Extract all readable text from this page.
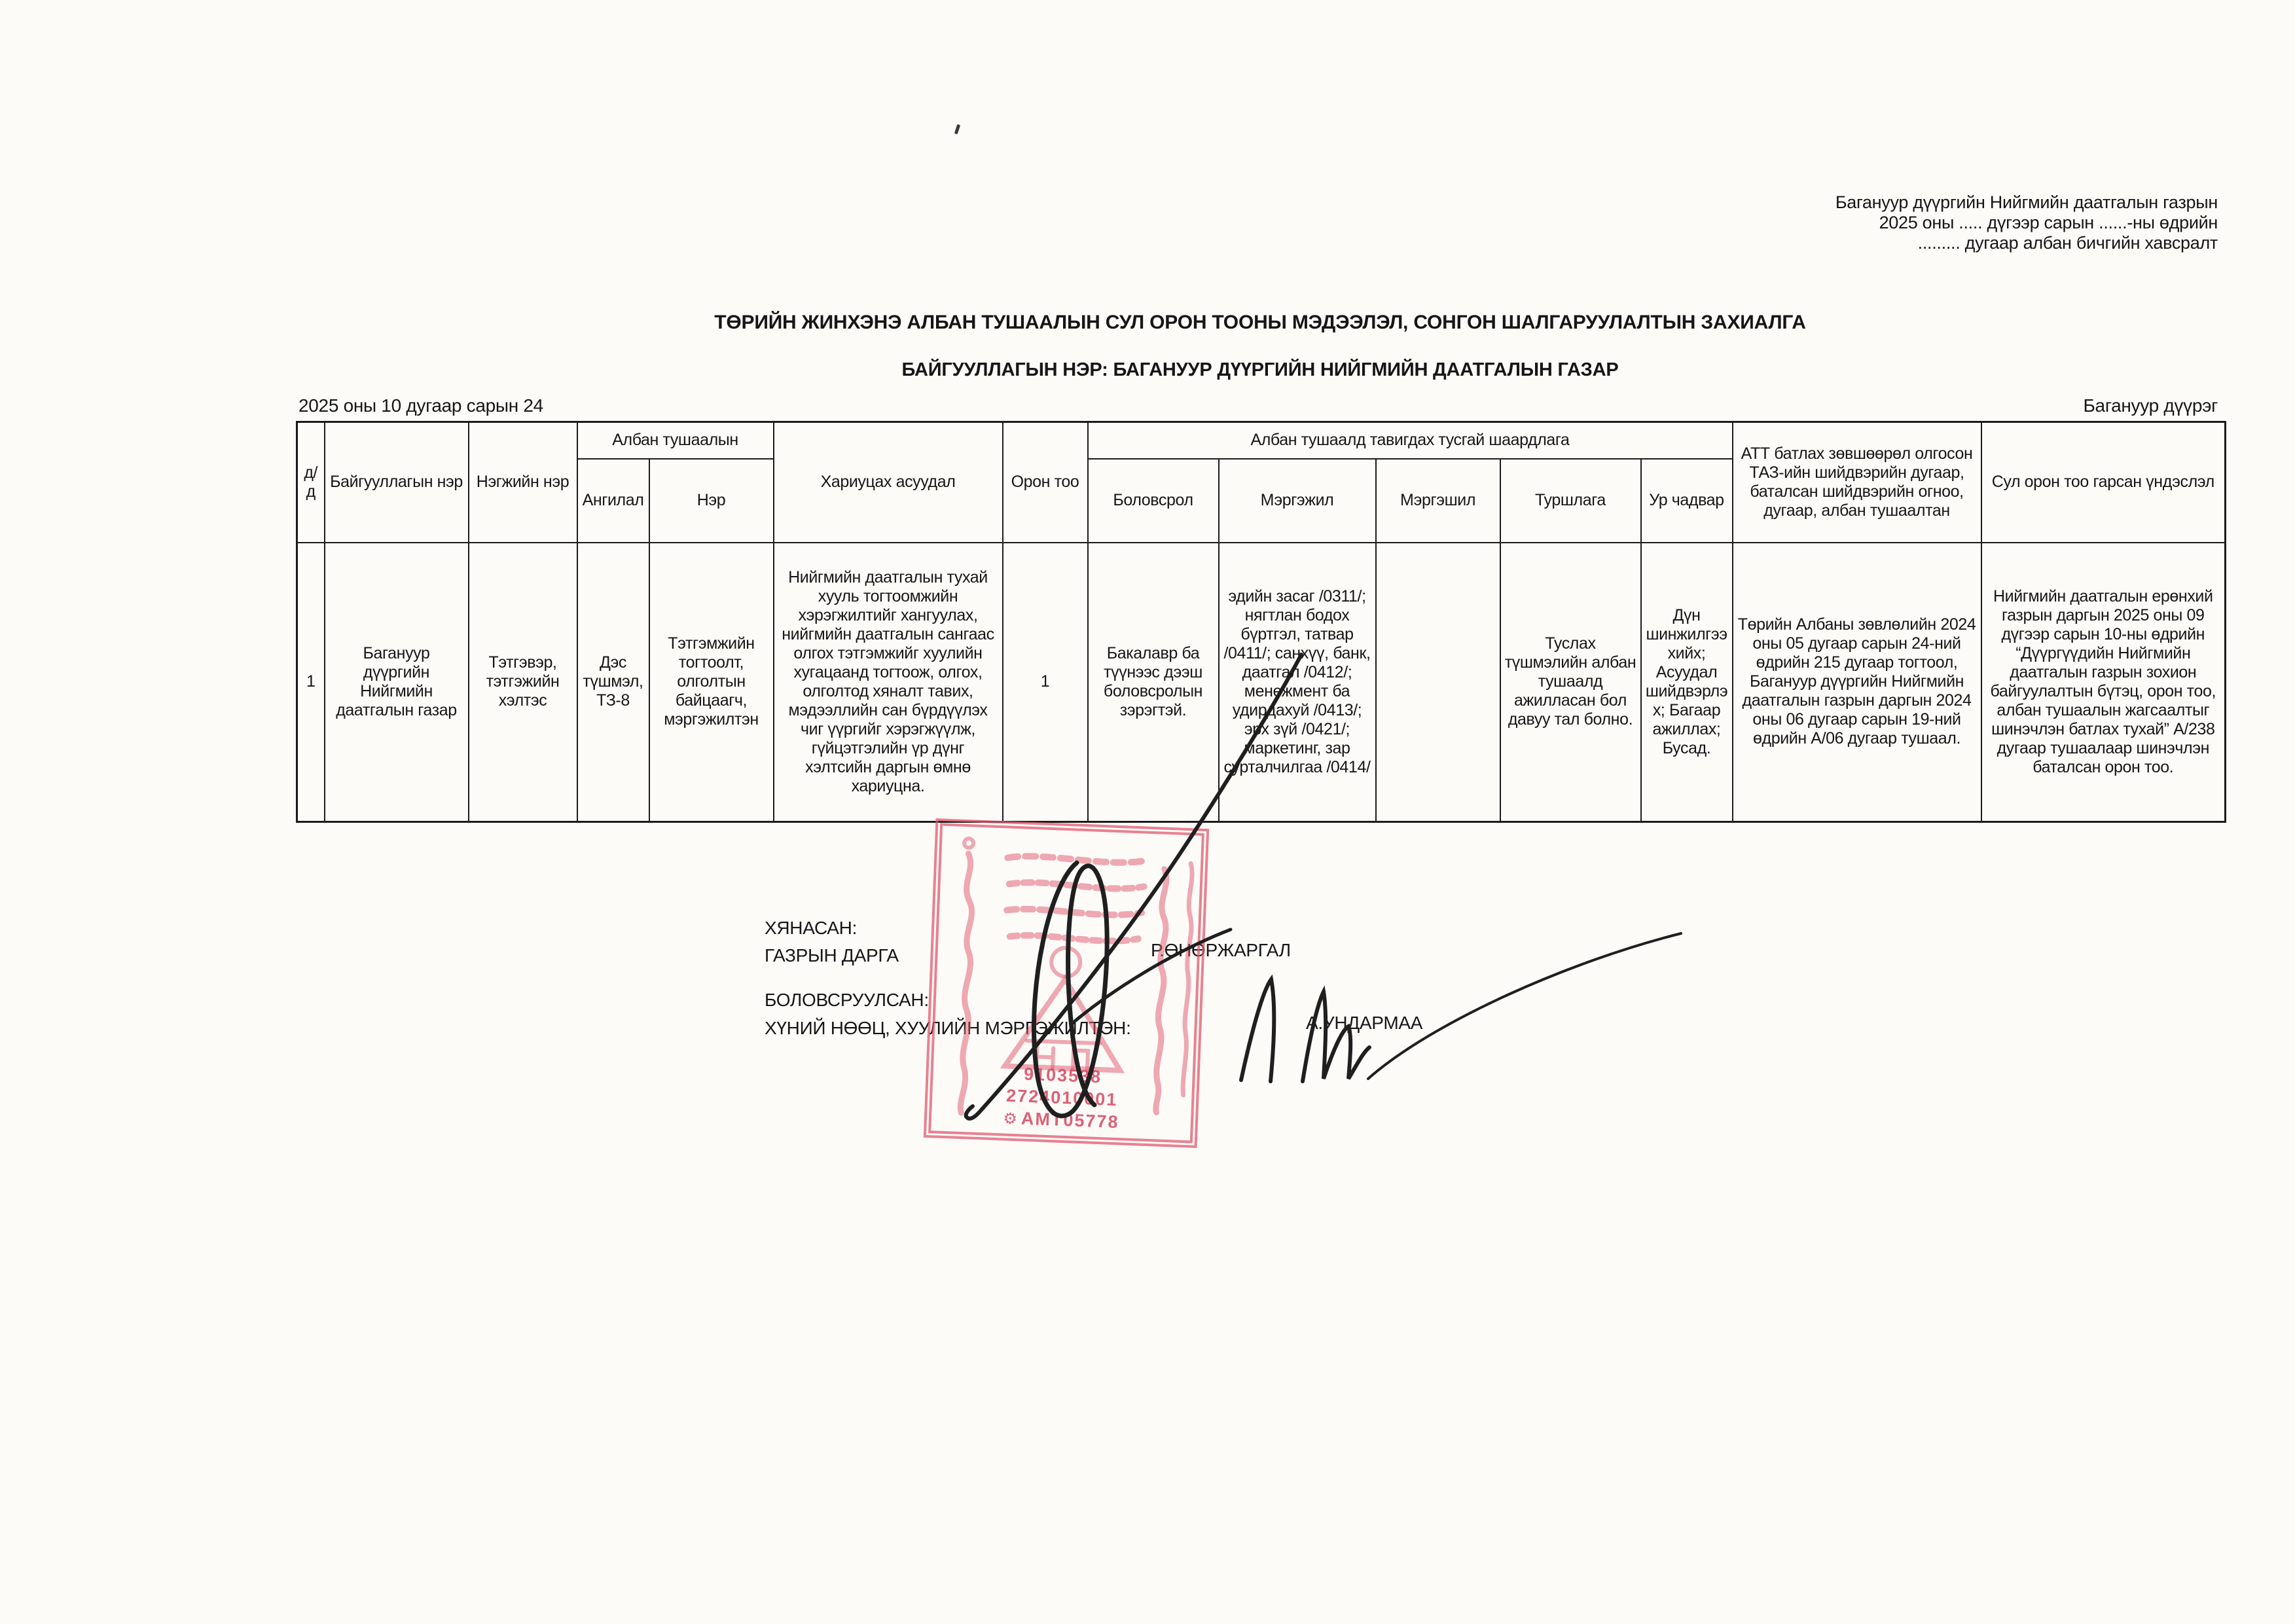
Багануур дүүргийн Нийгмийн даатгалын газрын
2025 оны ..... дүгээр сарын ......-ны өдрийн
......... дугаар албан бичгийн хавсралт
ТӨРИЙН ЖИНХЭНЭ АЛБАН ТУШААЛЫН СУЛ ОРОН ТООНЫ МЭДЭЭЛЭЛ, СОНГОН ШАЛГАРУУЛАЛТЫН ЗАХИАЛГА
БАЙГУУЛЛАГЫН НЭР: БАГАНУУР ДҮҮРГИЙН НИЙГМИЙН ДААТГАЛЫН ГАЗАР
2025 оны 10 дугаар сарын 24	Багануур дүүрэг
д/д	Байгууллагын нэр	Нэгжийн нэр	Албан тушаалын		Хариуцах асуудал	Орон тоо	Албан тушаалд тавигдах тусгай шаардлага					АТТ батлах зөвшөөрөл олгосон ТАЗ-ийн шийдвэрийн дугаар, баталсан шийдвэрийн огноо, дугаар, албан тушаалтан	Сул орон тоо гарсан үндэслэл
			Ангилал	Нэр			Боловсрол	Мэргэжил	Мэргэшил	Туршлага	Ур чадвар		
1	Багануур дүүргийн Нийгмийн даатгалын газар	Тэтгэвэр, тэтгэжийн хэлтэс	Дэс түшмэл, ТЗ-8	Тэтгэмжийн тогтоолт, олголтын байцаагч, мэргэжилтэн	Нийгмийн даатгалын тухай хууль тогтоомжийн хэрэгжилтийг хангуулах, нийгмийн даатгалын сангаас олгох тэтгэмжийг хуулийн хугацаанд тогтоож, олгох, олголтод хяналт тавих, мэдээллийн сан бүрдүүлэх чиг үүргийг хэрэгжүүлж, гүйцэтгэлийн үр дүнг хэлтсийн даргын өмнө хариуцна.	1	Бакалавр ба түүнээс дээш боловсролын зэрэгтэй.	эдийн засаг /0311/; нягтлан бодох бүртгэл, татвар /0411/; санхүү, банк, даатгал /0412/; менежмент ба удирдахуй /0413/; эрх зүй /0421/; маркетинг, зар сурталчилгаа /0414/		Туслах түшмэлийн албан тушаалд ажилласан бол давуу тал болно.	Дүн шинжилгээ хийх; Асуудал шийдвэрлэх; Багаар ажиллах; Бусад.	Төрийн Албаны зөвлөлийн 2024 оны 05 дугаар сарын 24-ний өдрийн 215 дугаар тогтоол, Багануур дүүргийн Нийгмийн даатгалын газрын даргын 2024 оны 06 дугаар сарын 19-ний өдрийн А/06 дугаар тушаал.	Нийгмийн даатгалын ерөнхий газрын даргын 2025 оны 09 дүгээр сарын 10-ны өдрийн “Дүүргүүдийн Нийгмийн даатгалын газрын зохион байгуулалтын бүтэц, орон тоо, албан тушаалын жагсаалтыг шинэчлэн батлах тухай” А/238 дугаар тушаалаар шинэчлэн баталсан орон тоо.
ХЯНАСАН:
ГАЗРЫН ДАРГА	Р.ӨНӨРЖАРГАЛ
БОЛОВСРУУЛСАН:
ХҮНИЙ НӨӨЦ, ХУУЛИЙН МЭРГЭЖИЛТЭН:	А.УНДАРМАА
9103538
2724010001
⚙ АМТ05778
